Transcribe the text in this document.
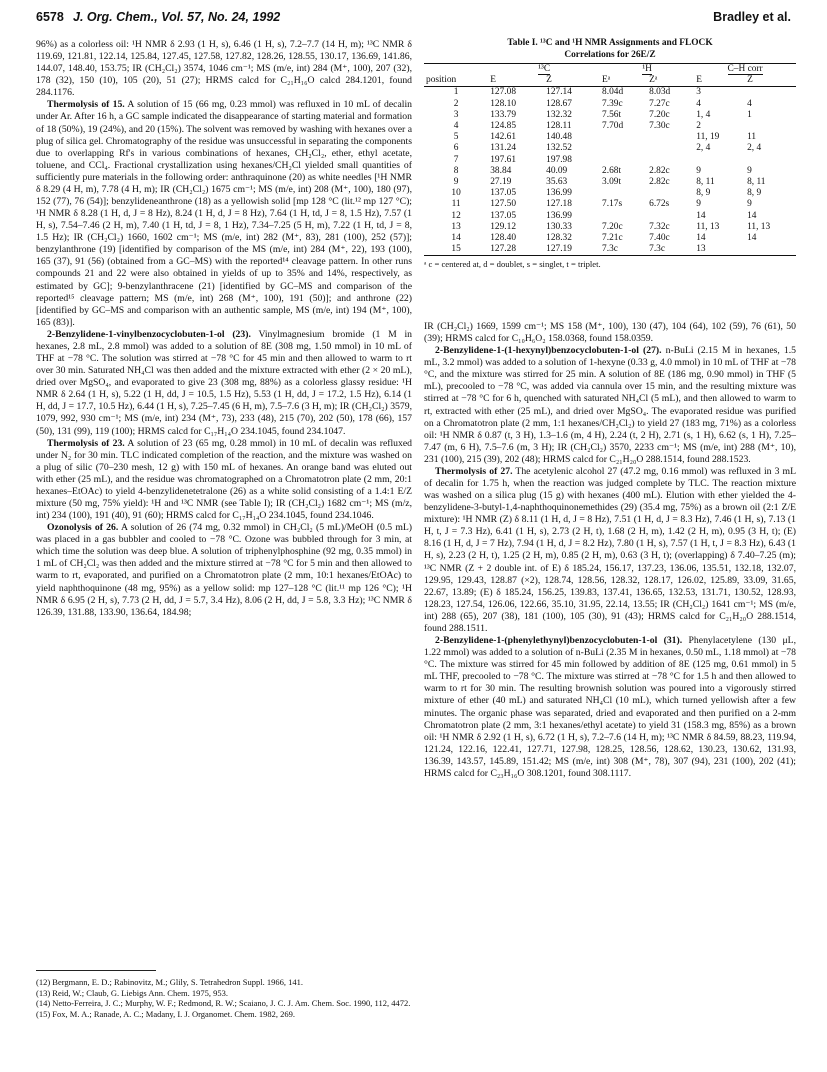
6578 J. Org. Chem., Vol. 57, No. 24, 1992	Bradley et al.

96%) as a colorless oil: ¹H NMR δ 2.93 (1 H, s), 6.46 (1 H, s), 7.2–7.7 (14 H, m); ¹³C NMR δ 119.69, 121.81, 122.14, 125.84, 127.45, 127.58, 127.82, 128.26, 128.55, 130.17, 136.69, 141.86, 144.07, 148.40, 153.75; IR (CH₂Cl₂) 3574, 1046 cm⁻¹; MS (m/e, int) 284 (M⁺, 100), 207 (32), 178 (32), 150 (10), 105 (20), 51 (27); HRMS calcd for C₂₁H₁₆O calcd 284.1201, found 284.1176.

Thermolysis of 15. A solution of 15 (66 mg, 0.23 mmol) was refluxed in 10 mL of decalin under Ar. After 16 h, a GC sample indicated the disappearance of starting material and formation of 18 (50%), 19 (24%), and 20 (15%). The solvent was removed by washing with hexanes over a plug of silica gel. Chromatography of the residue was unsuccessful in separating the components due to overlapping Rf's in various combinations of hexanes, CH₂Cl₂, ether, ethyl acetate, toluene, and CCl₄. Fractional crystallization using hexanes/CH₂Cl yielded small quantities of sufficiently pure materials in the following order: anthraquinone (20) as white needles [¹H NMR δ 8.29 (4 H, m), 7.78 (4 H, m); IR (CH₂Cl₂) 1675 cm⁻¹; MS (m/e, int) 208 (M⁺, 100), 180 (97), 152 (77), 76 (54)]; benzylideneanthrone (18) as a yellowish solid [mp 128 °C (lit.¹² mp 127 °C); ¹H NMR δ 8.28 (1 H, d, J = 8 Hz), 8.24 (1 H, d, J = 8 Hz), 7.64 (1 H, td, J = 8, 1.5 Hz), 7.57 (1 H, s), 7.54–7.46 (2 H, m), 7.40 (1 H, td, J = 8, 1 Hz), 7.34–7.25 (5 H, m), 7.22 (1 H, td, J = 8, 1.5 Hz); IR (CH₂Cl₂) 1660, 1602 cm⁻¹; MS (m/e, int) 282 (M⁺, 83), 281 (100), 252 (57)]; benzylanthrone (19) [identified by comparison of the MS (m/e, int) 284 (M⁺, 22), 193 (100), 165 (37), 91 (56) (obtained from a GC–MS) with the reported¹⁴ cleavage pattern. In other runs compounds 21 and 22 were also obtained in yields of up to 35% and 14%, respectively, as estimated by GC]; 9-benzylanthracene (21) [identified by GC–MS and comparison of the reported¹⁵ cleavage pattern; MS (m/e, int) 268 (M⁺, 100), 191 (50)]; and anthrone (22) [identified by GC–MS and comparison with an authentic sample, MS (m/e, int) 194 (M⁺, 100), 165 (83)].

2-Benzylidene-1-vinylbenzocyclobuten-1-ol (23). Vinylmagnesium bromide (1 M in hexanes, 2.8 mL, 2.8 mmol) was added to a solution of 8E (308 mg, 1.50 mmol) in 10 mL of THF at −78 °C. The solution was stirred at −78 °C for 45 min and then allowed to warm to rt over 30 min. Saturated NH₄Cl was then added and the mixture extracted with ether (2 × 20 mL), dried over MgSO₄, and evaporated to give 23 (308 mg, 88%) as a colorless glassy residue: ¹H NMR δ 2.64 (1 H, s), 5.22 (1 H, dd, J = 10.5, 1.5 Hz), 5.53 (1 H, dd, J = 17.2, 1.5 Hz), 6.14 (1 H, dd, J = 17.7, 10.5 Hz), 6.44 (1 H, s), 7.25–7.45 (6 H, m), 7.5–7.6 (3 H, m); IR (CH₂Cl₂) 3579, 1079, 992, 930 cm⁻¹; MS (m/e, int) 234 (M⁺, 73), 233 (48), 215 (70), 202 (50), 178 (66), 157 (50), 131 (99), 119 (100); HRMS calcd for C₁₇H₁₄O 234.1045, found 234.1047.

Thermolysis of 23. A solution of 23 (65 mg, 0.28 mmol) in 10 mL of decalin was refluxed under N₂ for 30 min. TLC indicated completion of the reaction, and the mixture was washed on a plug of silic (70–230 mesh, 12 g) with 150 mL of hexanes. An orange band was eluted out with ether (25 mL), and the residue was chromatographed on a Chromatotron plate (2 mm, 20:1 hexanes–EtOAc) to yield 4-benzylidenetetralone (26) as a white solid consisting of a 1.4:1 E/Z mixture (50 mg, 75% yield): ¹H and ¹³C NMR (see Table I); IR (CH₂Cl₂) 1682 cm⁻¹; MS (m/z, int) 234 (100), 191 (40), 91 (60); HRMS calcd for C₁₇H₁₄O 234.1045, found 234.1046.

Ozonolysis of 26. A solution of 26 (74 mg, 0.32 mmol) in CH₂Cl₂ (5 mL)/MeOH (0.5 mL) was placed in a gas bubbler and cooled to −78 °C. Ozone was bubbled through for 3 min, at which time the solution was deep blue. A solution of triphenylphosphine (92 mg, 0.35 mmol) in 1 mL of CH₂Cl₂ was then added and the mixture stirred at −78 °C for 5 min and then allowed to warm to rt, evaporated, and purified on a Chromatotron plate (2 mm, 10:1 hexanes/EtOAc) to yield naphthoquinone (48 mg, 95%) as a yellow solid: mp 127–128 °C (lit.¹¹ mp 126 °C); ¹H NMR δ 6.95 (2 H, s), 7.73 (2 H, dd, J = 5.7, 3.4 Hz), 8.06 (2 H, dd, J = 5.8, 3.3 Hz); ¹³C NMR δ 126.39, 131.88, 133.90, 136.64, 184.98;

(12) Bergmann, E. D.; Rabinovitz, M.; Glily, S. Tetrahedron Suppl. 1966, 141.
(13) Reid, W.; Claub, G. Liebigs Ann. Chem. 1975, 953.
(14) Netto-Ferreira, J. C.; Murphy, W. F.; Redmond, R. W.; Scaiano, J. C. J. Am. Chem. Soc. 1990, 112, 4472.
(15) Fox, M. A.; Ranade, A. C.; Madany, I. J. Organomet. Chem. 1982, 269.
Table I. ¹³C and ¹H NMR Assignments and FLOCK
Correlations for 26E/Z
	¹³C		¹H		C–H corr	
position	E	Z	Eᵃ	Zᵃ	E	Z
1	127.08	127.14	8.04d	8.03d	3	
2	128.10	128.67	7.39c	7.27c	4	4
3	133.79	132.32	7.56t	7.20c	1, 4	1
4	124.85	128.11	7.70d	7.30c	2	
5	142.61	140.48			11, 19	11
6	131.24	132.52			2, 4	2, 4
7	197.61	197.98				
8	38.84	40.09	2.68t	2.82c	9	9
9	27.19	35.63	3.09t	2.82c	8, 11	8, 11
10	137.05	136.99			8, 9	8, 9
11	127.50	127.18	7.17s	6.72s	9	9
12	137.05	136.99			14	14
13	129.12	130.33	7.20c	7.32c	11, 13	11, 13
14	128.40	128.32	7.21c	7.40c	14	14
15	127.28	127.19	7.3c	7.3c	13	
ᵃ c = centered at, d = doublet, s = singlet, t = triplet.

IR (CH₂Cl₂) 1669, 1599 cm⁻¹; MS 158 (M⁺, 100), 130 (47), 104 (64), 102 (59), 76 (61), 50 (39); HRMS calcd for C₁₀H₆O₂ 158.0368, found 158.0359.

2-Benzylidene-1-(1-hexynyl)benzocyclobuten-1-ol (27). n-BuLi (2.15 M in hexanes, 1.5 mL, 3.2 mmol) was added to a solution of 1-hexyne (0.33 g, 4.0 mmol) in 10 mL of THF at −78 °C, and the mixture was stirred for 25 min. A solution of 8E (186 mg, 0.90 mmol) in THF (5 mL), precooled to −78 °C, was added via cannula over 15 min, and the resulting mixture was stirred at −78 °C for 6 h, quenched with saturated NH₄Cl (5 mL), and then allowed to warm to rt, extracted with ether (25 mL), and dried over MgSO₄. The evaporated residue was purified on a Chromatotron plate (2 mm, 1:1 hexanes/CH₂Cl₂) to yield 27 (183 mg, 71%) as a colorless oil: ¹H NMR δ 0.87 (t, 3 H), 1.3–1.6 (m, 4 H), 2.24 (t, 2 H), 2.71 (s, 1 H), 6.62 (s, 1 H), 7.25–7.47 (m, 6 H), 7.5–7.6 (m, 3 H); IR (CH₂Cl₂) 3570, 2233 cm⁻¹; MS (m/e, int) 288 (M⁺, 10), 231 (100), 215 (39), 202 (48); HRMS calcd for C₂₁H₂₀O 288.1514, found 288.1523.

Thermolysis of 27. The acetylenic alcohol 27 (47.2 mg, 0.16 mmol) was refluxed in 3 mL of decalin for 1.75 h, when the reaction was judged complete by TLC. The reaction mixture was washed on a silica plug (15 g) with hexanes (400 mL). Elution with ether yielded the 4-benzylidene-3-butyl-1,4-naphthoquinonemethides (29) (35.4 mg, 75%) as a brown oil (2:1 Z/E mixture): ¹H NMR (Z) δ 8.11 (1 H, d, J = 8 Hz), 7.51 (1 H, d, J = 8.3 Hz), 7.46 (1 H, s), 7.13 (1 H, t, J = 7.3 Hz), 6.41 (1 H, s), 2.73 (2 H, t), 1.68 (2 H, m), 1.42 (2 H, m), 0.95 (3 H, t); (E) 8.16 (1 H, d, J = 7 Hz), 7.94 (1 H, d, J = 8.2 Hz), 7.80 (1 H, s), 7.57 (1 H, t, J = 8.3 Hz), 6.43 (1 H, s), 2.23 (2 H, t), 1.25 (2 H, m), 0.85 (2 H, m), 0.63 (3 H, t); (overlapping) δ 7.40–7.25 (m); ¹³C NMR (Z + 2 double int. of E) δ 185.24, 156.17, 137.23, 136.06, 135.51, 132.18, 132.07, 129.95, 129.43, 128.87 (×2), 128.74, 128.56, 128.32, 128.17, 126.02, 125.89, 33.09, 31.65, 22.67, 13.89; (E) δ 185.24, 156.25, 139.83, 137.41, 136.65, 132.53, 131.71, 130.52, 128.93, 128.23, 127.54, 126.06, 122.66, 35.10, 31.95, 22.14, 13.55; IR (CH₂Cl₂) 1641 cm⁻¹; MS (m/e, int) 288 (65), 207 (38), 181 (100), 105 (30), 91 (43); HRMS calcd for C₂₁H₂₀O 288.1514, found 288.1511.

2-Benzylidene-1-(phenylethynyl)benzocyclobuten-1-ol (31). Phenylacetylene (130 μL, 1.22 mmol) was added to a solution of n-BuLi (2.35 M in hexanes, 0.50 mL, 1.18 mmol) at −78 °C. The mixture was stirred for 45 min followed by addition of 8E (125 mg, 0.61 mmol) in 5 mL THF, precooled to −78 °C. The mixture was stirred at −78 °C for 1.5 h and then allowed to warm to rt for 30 min. The resulting brownish solution was poured into a vigorously stirred mixture of ether (40 mL) and saturated NH₄Cl (10 mL), which turned yellowish after a few minutes. The organic phase was separated, dried and evaporated and then purified on a 2-mm Chromatotron plate (2 mm, 3:1 hexanes/ethyl acetate) to yield 31 (158.3 mg, 85%) as a brown oil: ¹H NMR δ 2.92 (1 H, s), 6.72 (1 H, s), 7.2–7.6 (14 H, m); ¹³C NMR δ 84.59, 88.23, 119.94, 121.24, 122.16, 122.41, 127.71, 127.98, 128.25, 128.56, 128.62, 130.23, 130.62, 131.93, 136.39, 143.57, 145.89, 151.42; MS (m/e, int) 308 (M⁺, 78), 307 (94), 231 (100), 202 (41); HRMS calcd for C₂₃H₁₆O 308.1201, found 308.1117.
